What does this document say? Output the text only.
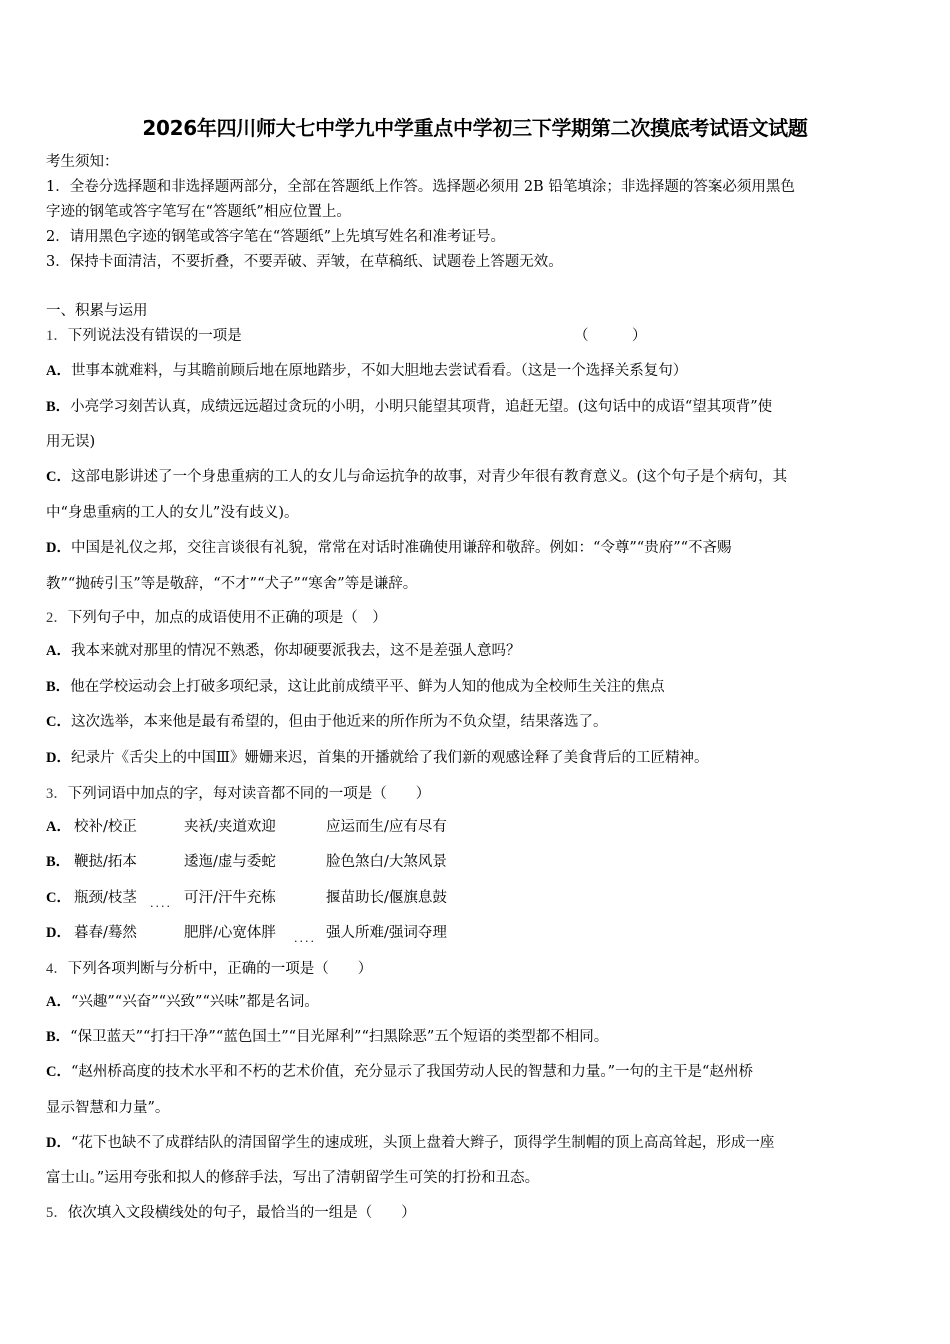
2026年四川师大七中学九中学重点中学初三下学期第二次摸底考试语文试题
考生须知：
1．全卷分选择题和非选择题两部分，全部在答题纸上作答。选择题必须用 2B 铅笔填涂；非选择题的答案必须用黑色
字迹的钢笔或答字笔写在“答题纸”相应位置上。
2．请用黑色字迹的钢笔或答字笔在“答题纸”上先填写姓名和准考证号。
3．保持卡面清洁，不要折叠，不要弄破、弄皱，在草稿纸、试题卷上答题无效。
一、积累与运用
1．下列说法没有错误的一项是	（　　　）
A．世事本就难料，与其瞻前顾后地在原地踏步，不如大胆地去尝试看看。（这是一个选择关系复句）
B．小亮学习刻苦认真，成绩远远超过贪玩的小明，小明只能望其项背，追赶无望。(这句话中的成语“望其项背”使
用无误)
C．这部电影讲述了一个身患重病的工人的女儿与命运抗争的故事，对青少年很有教育意义。(这个句子是个病句，其
中“身患重病的工人的女儿”没有歧义)。
D．中国是礼仪之邦，交往言谈很有礼貌，常常在对话时准确使用谦辞和敬辞。例如：“令尊”“贵府”“不吝赐
教”“抛砖引玉”等是敬辞，“不才”“犬子”“寒舍”等是谦辞。
2．下列句子中，加点的成语使用不正确的项是（　）
A．我本来就对那里的情况不熟悉，你却硬要派我去，这不是差强人意吗？
B．他在学校运动会上打破多项纪录，这让此前成绩平平、鲜为人知的他成为全校师生关注的焦点
C．这次选举，本来他是最有希望的，但由于他近来的所作所为不负众望，结果落选了。
D．纪录片《舌尖上的中国Ⅲ》姗姗来迟，首集的开播就给了我们新的观感诠释了美食背后的工匠精神。
3．下列词语中加点的字，每对读音都不同的一项是（　　）
A． 校补/校正	夹袄/夹道欢迎	应运而生/应有尽有
B． 鞭挞/拓本	逶迤/虚与委蛇	脸色煞白/大煞风景
C． 瓶颈/枝茎 .... 可汗/汗牛充栋	揠苗助长/偃旗息鼓
D． 暮春/蓦然	肥胖/心宽体胖 .... 强人所难/强词夺理
4．下列各项判断与分析中，正确的一项是（　　）
A．“兴趣”“兴奋”“兴致”“兴味”都是名词。
B．“保卫蓝天”“打扫干净”“蓝色国土”“目光犀利”“扫黑除恶”五个短语的类型都不相同。
C．“赵州桥高度的技术水平和不朽的艺术价值，充分显示了我国劳动人民的智慧和力量。”一句的主干是“赵州桥
显示智慧和力量”。
D．“花下也缺不了成群结队的清国留学生的速成班，头顶上盘着大辫子，顶得学生制帽的顶上高高耸起，形成一座
富士山。”运用夸张和拟人的修辞手法，写出了清朝留学生可笑的打扮和丑态。
5．依次填入文段横线处的句子，最恰当的一组是（　　）
